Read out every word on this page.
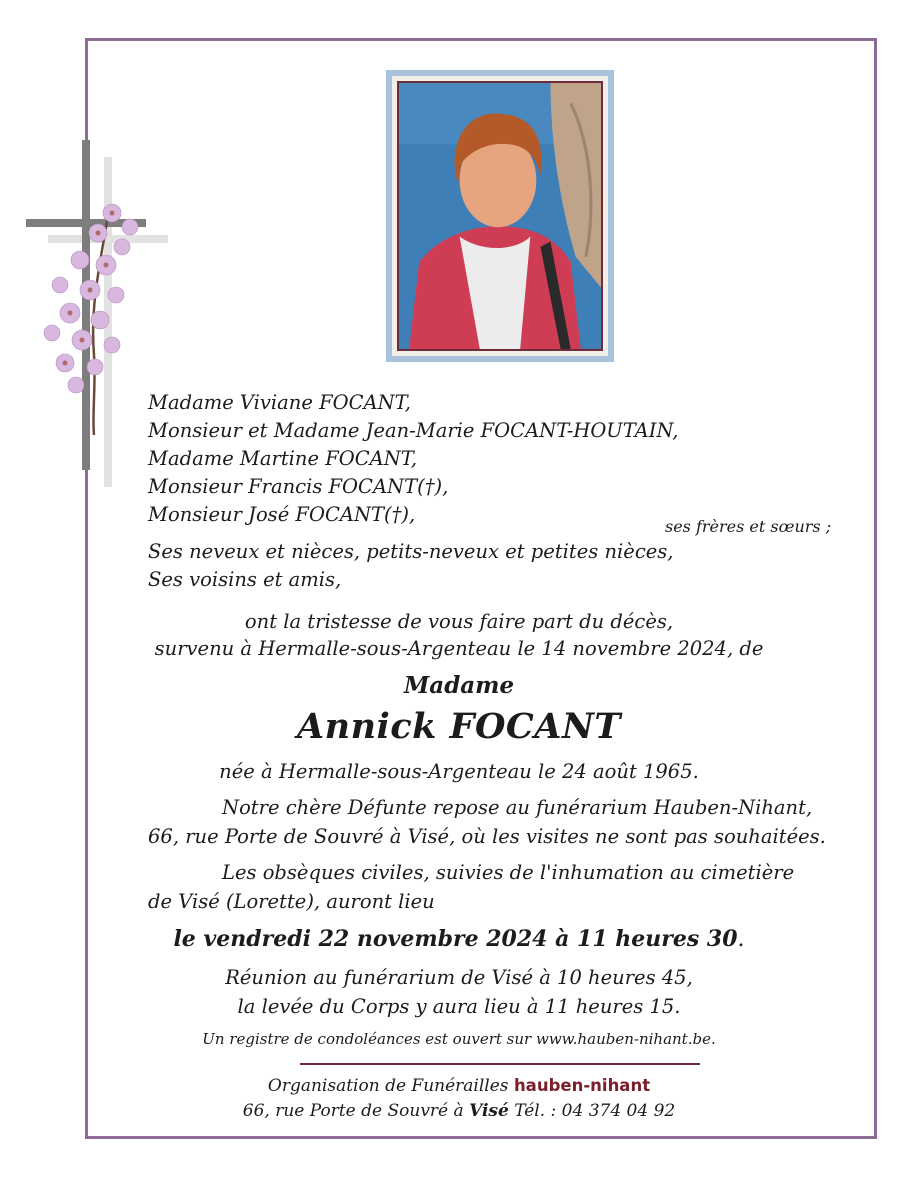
Madame Viviane FOCANT,
Monsieur et Madame Jean-Marie FOCANT-HOUTAIN,
Madame Martine FOCANT,
Monsieur Francis FOCANT(†),
Monsieur José FOCANT(†),
ses frères et sœurs ;
Ses neveux et nièces, petits-neveux et petites nièces,
Ses voisins et amis,
ont la tristesse de vous faire part du décès,
survenu à Hermalle-sous-Argenteau le 14 novembre 2024, de
Madame
Annick FOCANT
née à Hermalle-sous-Argenteau le 24 août 1965.
Notre chère Défunte repose au funérarium Hauben-Nihant,
66, rue Porte de Souvré à Visé, où les visites ne sont pas souhaitées.
Les obsèques civiles, suivies de l'inhumation au cimetière
de Visé (Lorette), auront lieu
le vendredi 22 novembre 2024 à 11 heures 30.
Réunion au funérarium de Visé à 10 heures 45,
la levée du Corps y aura lieu à 11 heures 15.
Un registre de condoléances est ouvert sur www.hauben-nihant.be.
Organisation de Funérailles hauben-nihant
66, rue Porte de Souvré à Visé Tél. : 04 374 04 92
